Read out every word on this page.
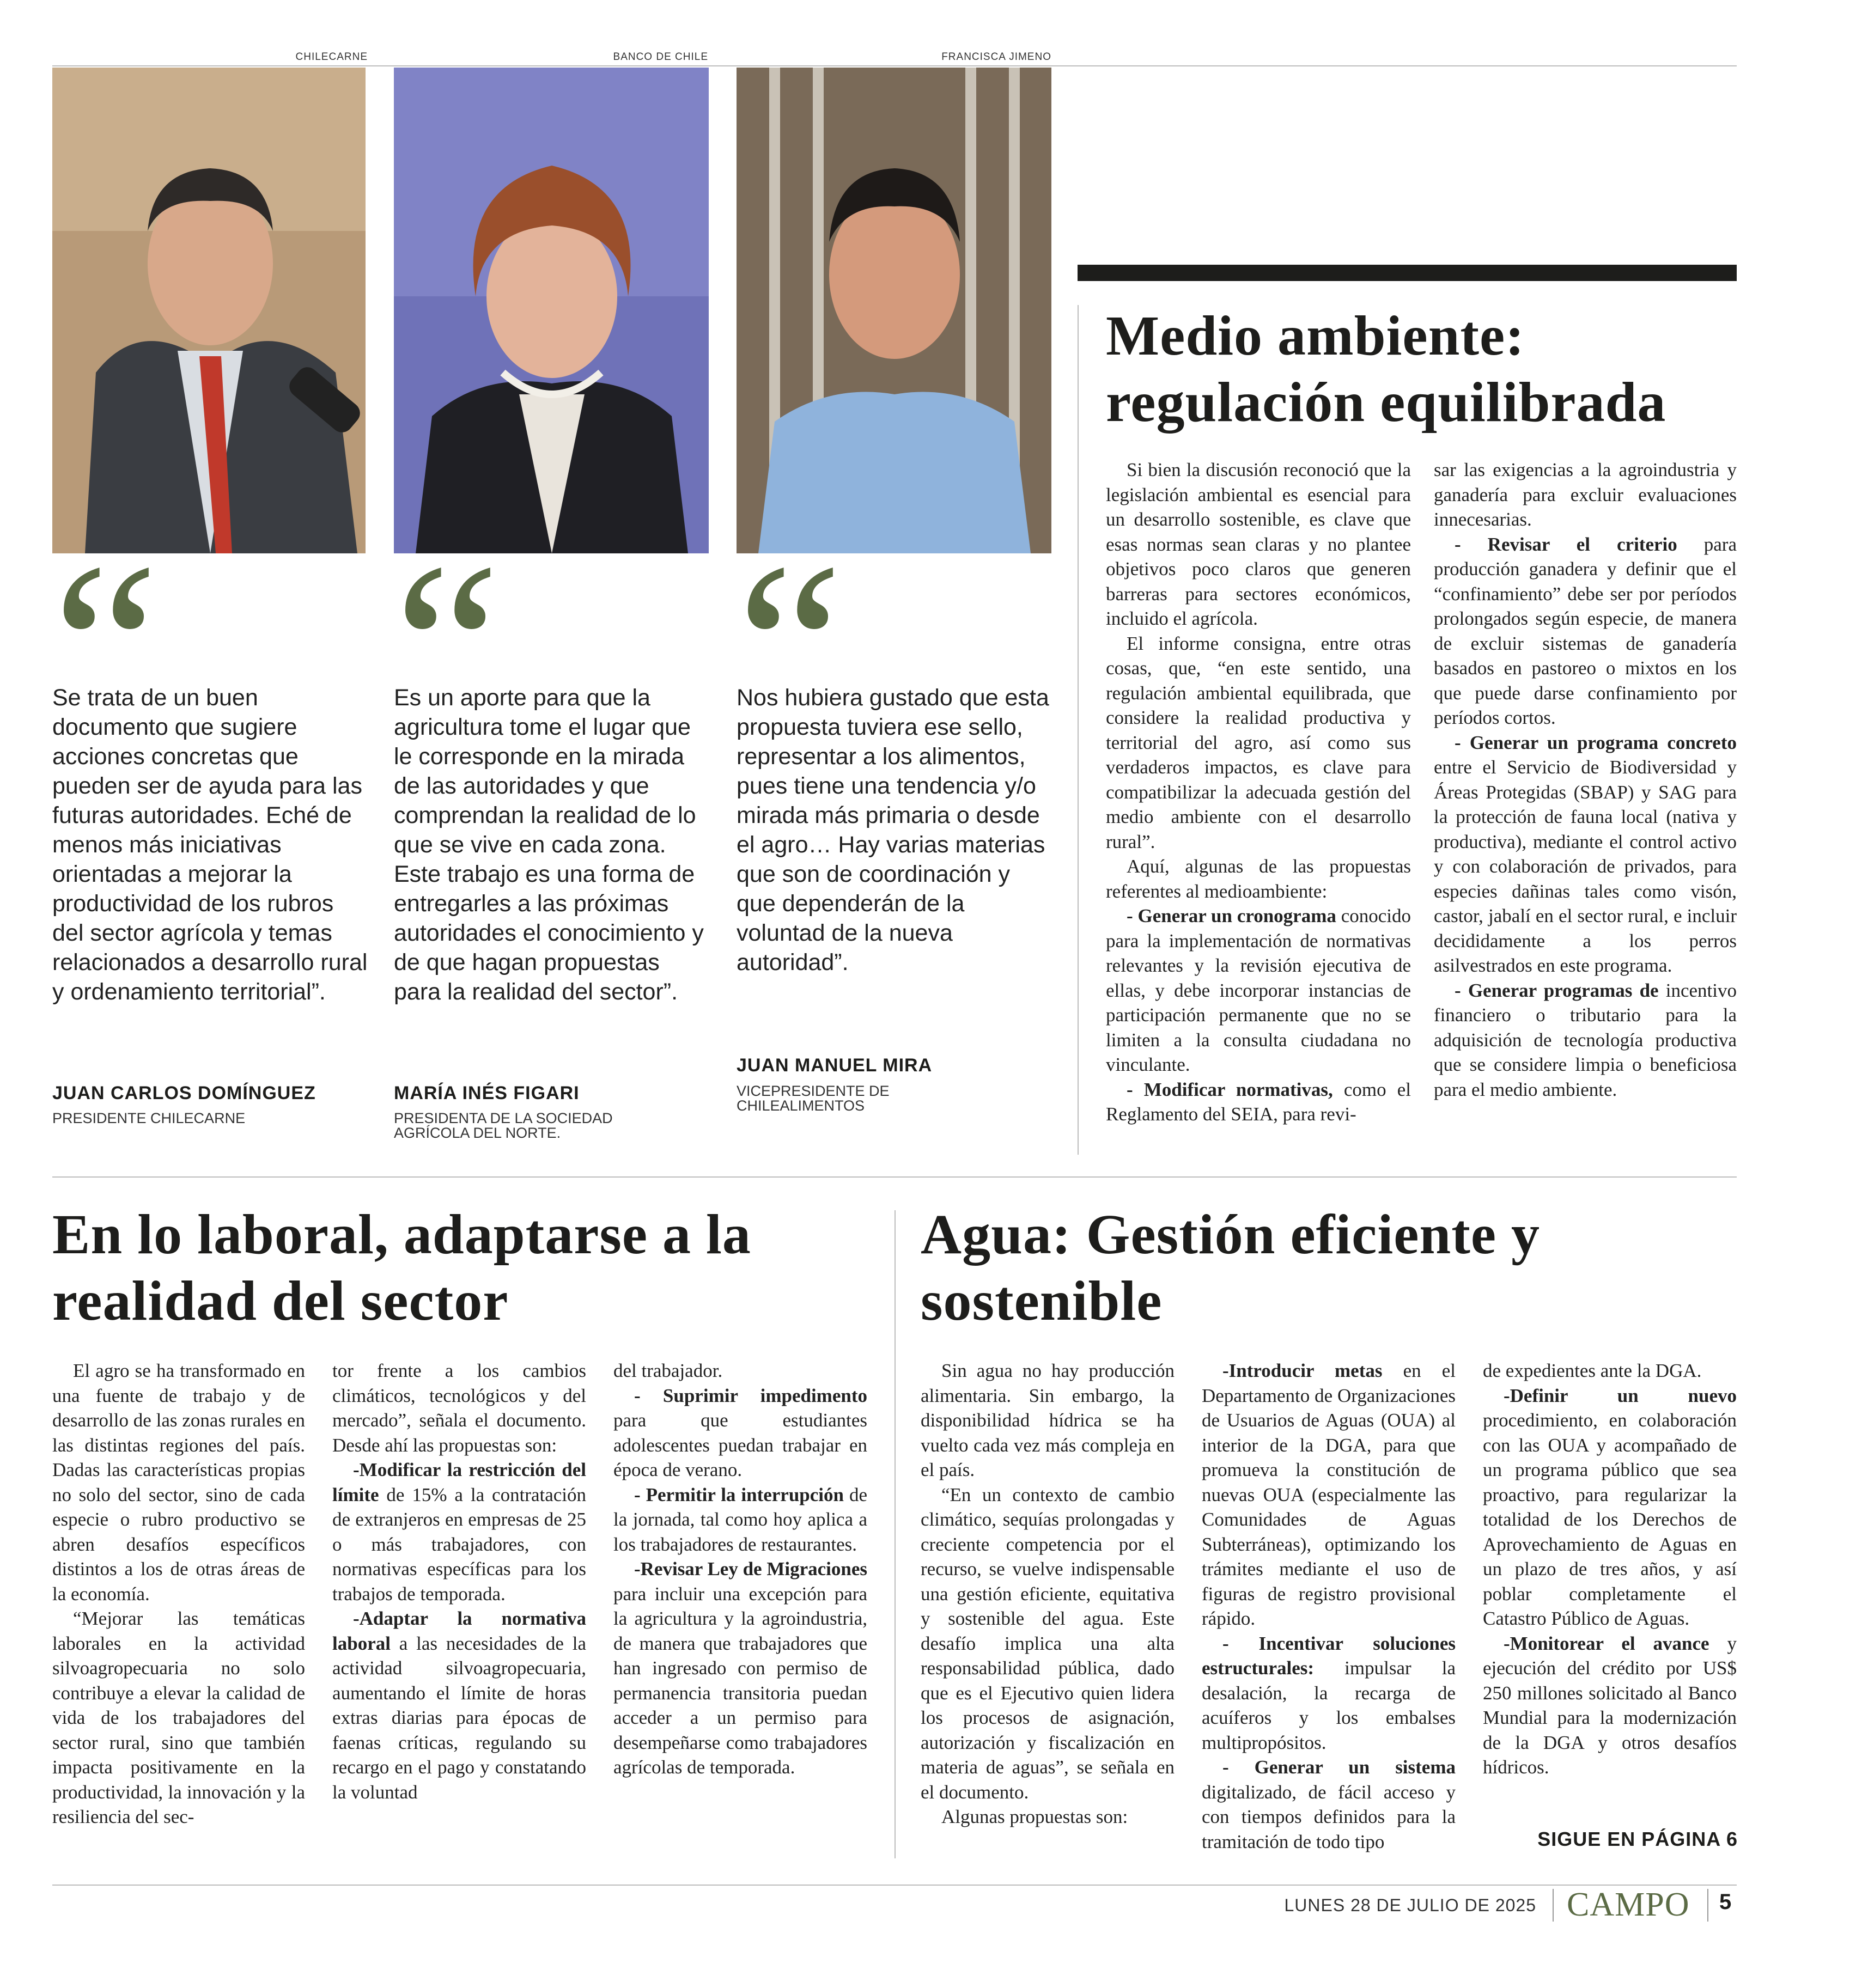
CHILECARNE	BANCO DE CHILE	FRANCISCA JIMENO

Se trata de un buen documento que sugiere acciones concretas que pueden ser de ayuda para las futuras autoridades. Eché de menos más iniciativas orientadas a mejorar la productividad de los rubros del sector agrícola y temas relacionados a desarrollo rural y ordenamiento territorial”.

JUAN CARLOS DOMÍNGUEZ
PRESIDENTE CHILECARNE

Es un aporte para que la agricultura tome el lugar que le corresponde en la mirada de las autoridades y que comprendan la realidad de lo que se vive en cada zona. Este trabajo es una forma de entregarles a las próximas autoridades el conocimiento y de que hagan propuestas para la realidad del sector”.

MARÍA INÉS FIGARI
PRESIDENTA DE LA SOCIEDAD AGRÍCOLA DEL NORTE.

Nos hubiera gustado que esta propuesta tuviera ese sello, representar a los alimentos, pues tiene una tendencia y/o mirada más primaria o desde el agro… Hay varias materias que son de coordinación y que dependerán de la voluntad de la nueva autoridad”.

JUAN MANUEL MIRA
VICEPRESIDENTE DE CHILEALIMENTOS
Medio ambiente: regulación equilibrada

Si bien la discusión reconoció que la legislación ambiental es esencial para un desarrollo sostenible, es clave que esas normas sean claras y no plantee objetivos poco claros que generen barreras para sectores económicos, incluido el agrícola.

El informe consigna, entre otras cosas, que, “en este sentido, una regulación ambiental equilibrada, que considere la realidad productiva y territorial del agro, así como sus verdaderos impactos, es clave para compatibilizar la adecuada gestión del medio ambiente con el desarrollo rural”.

Aquí, algunas de las propuestas referentes al medioambiente:

- Generar un cronograma conocido para la implementación de normativas relevantes y la revisión ejecutiva de ellas, y debe incorporar instancias de participación permanente que no se limiten a la consulta ciudadana no vinculante.

- Modificar normativas, como el Reglamento del SEIA, para revi-

sar las exigencias a la agroindustria y ganadería para excluir evaluaciones innecesarias.

- Revisar el criterio para producción ganadera y definir que el “confinamiento” debe ser por períodos prolongados según especie, de manera de excluir sistemas de ganadería basados en pastoreo o mixtos en los que puede darse confinamiento por períodos cortos.

- Generar un programa concreto entre el Servicio de Biodiversidad y Áreas Protegidas (SBAP) y SAG para la protección de fauna local (nativa y productiva), mediante el control activo y con colaboración de privados, para especies dañinas tales como visón, castor, jabalí en el sector rural, e incluir decididamente a los perros asilvestrados en este programa.

- Generar programas de incentivo financiero o tributario para la adquisición de tecnología productiva que se considere limpia o beneficiosa para el medio ambiente.

En lo laboral, adaptarse a la realidad del sector

El agro se ha transformado en una fuente de trabajo y de desarrollo de las zonas rurales en las distintas regiones del país. Dadas las características propias no solo del sector, sino de cada especie o rubro productivo se abren desafíos específicos distintos a los de otras áreas de la economía.

“Mejorar las temáticas laborales en la actividad silvoagropecuaria no solo contribuye a elevar la calidad de vida de los trabajadores del sector rural, sino que también impacta positivamente en la productividad, la innovación y la resiliencia del sec-

tor frente a los cambios climáticos, tecnológicos y del mercado”, señala el documento. Desde ahí las propuestas son:

-Modificar la restricción del límite de 15% a la contratación de extranjeros en empresas de 25 o más trabajadores, con normativas específicas para los trabajos de temporada.

-Adaptar la normativa laboral a las necesidades de la actividad silvoagropecuaria, aumentando el límite de horas extras diarias para épocas de faenas críticas, regulando su recargo en el pago y constatando la voluntad

del trabajador.

- Suprimir impedimento para que estudiantes adolescentes puedan trabajar en época de verano.

- Permitir la interrupción de la jornada, tal como hoy aplica a los trabajadores de restaurantes.

-Revisar Ley de Migraciones para incluir una excepción para la agricultura y la agroindustria, de manera que trabajadores que han ingresado con permiso de permanencia transitoria puedan acceder a un permiso para desempeñarse como trabajadores agrícolas de temporada.

Agua: Gestión eficiente y sostenible

Sin agua no hay producción alimentaria. Sin embargo, la disponibilidad hídrica se ha vuelto cada vez más compleja en el país.

“En un contexto de cambio climático, sequías prolongadas y creciente competencia por el recurso, se vuelve indispensable una gestión eficiente, equitativa y sostenible del agua. Este desafío implica una alta responsabilidad pública, dado que es el Ejecutivo quien lidera los procesos de asignación, autorización y fiscalización en materia de aguas”, se señala en el documento.

Algunas propuestas son:

-Introducir metas en el Departamento de Organizaciones de Usuarios de Aguas (OUA) al interior de la DGA, para que promueva la constitución de nuevas OUA (especialmente las Comunidades de Aguas Subterráneas), optimizando los trámites mediante el uso de figuras de registro provisional rápido.

- Incentivar soluciones estructurales: impulsar la desalación, la recarga de acuíferos y los embalses multipropósitos.

- Generar un sistema digitalizado, de fácil acceso y con tiempos definidos para la tramitación de todo tipo

de expedientes ante la DGA.

-Definir un nuevo procedimiento, en colaboración con las OUA y acompañado de un programa público que sea proactivo, para regularizar la totalidad de los Derechos de Aprovechamiento de Aguas en un plazo de tres años, y así poblar completamente el Catastro Público de Aguas.

-Monitorear el avance y ejecución del crédito por US$ 250 millones solicitado al Banco Mundial para la modernización de la DGA y otros desafíos hídricos.

SIGUE EN PÁGINA 6
LUNES 28 DE JULIO DE 2025 CAMPO 5
